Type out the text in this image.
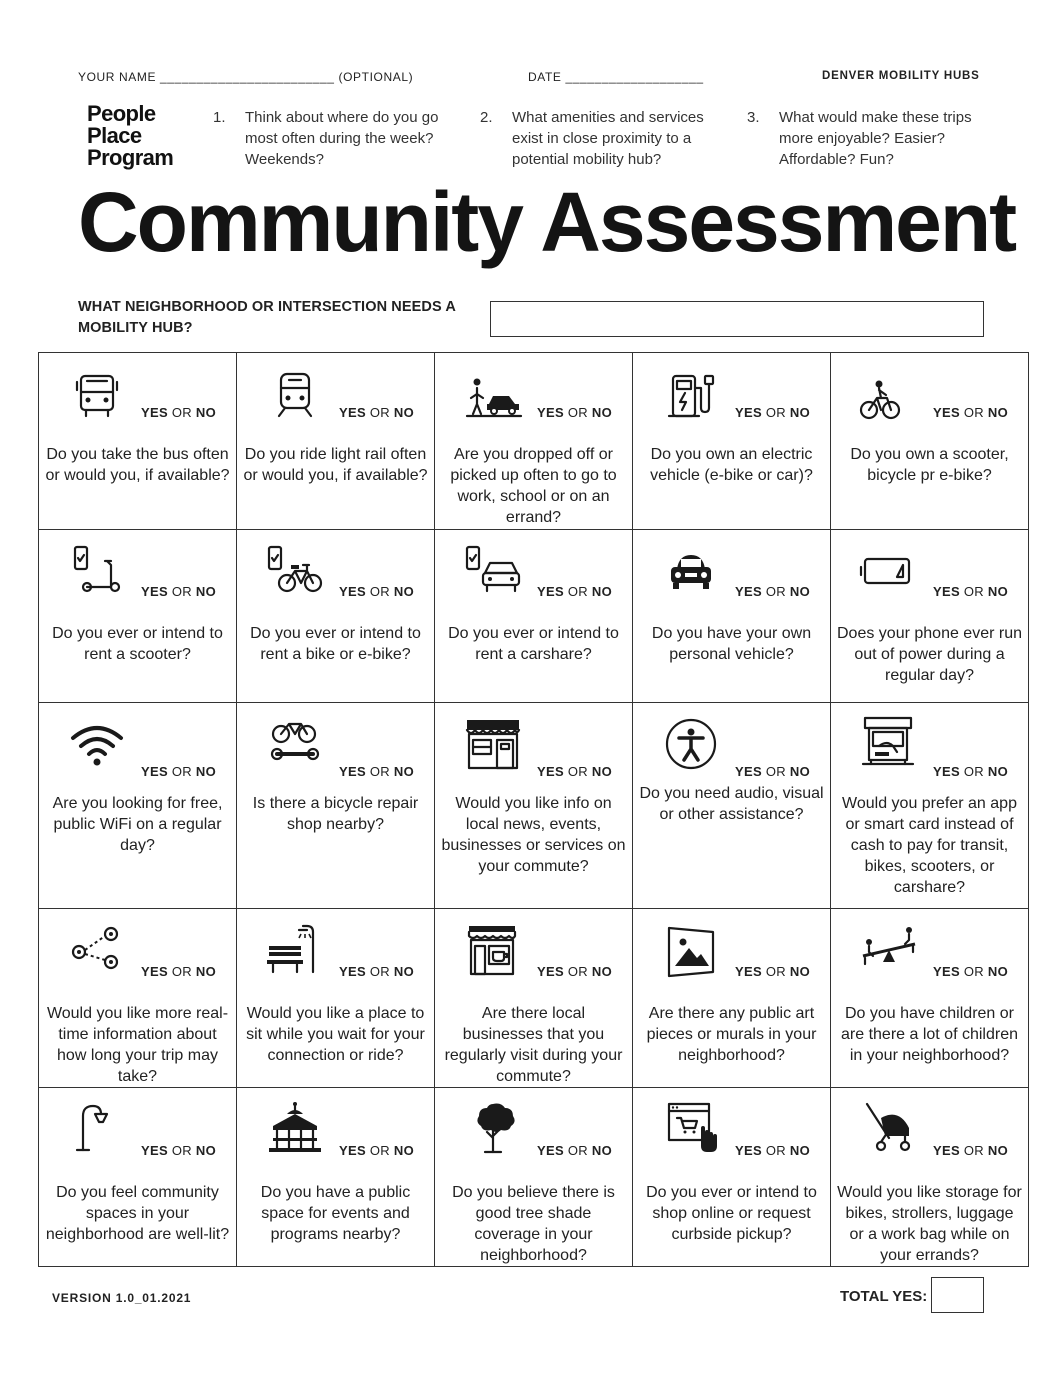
YOUR NAME ________________________ (OPTIONAL)	DATE ___________________	DENVER MOBILITY HUBS
People
Place
Program
1. Think about where do you go most often during the week? Weekends?
2. What amenities and services exist in close proximity to a potential mobility hub?
3. What would make these trips more enjoyable? Easier? Affordable? Fun?
Community Assessment
WHAT NEIGHBORHOOD OR INTERSECTION NEEDS A MOBILITY HUB?
YES OR NO
Do you take the bus often or would you, if available?
YES OR NO
Do you ride light rail often or would you, if available?
YES OR NO
Are you dropped off or picked up often to go to work, school or on an errand?
YES OR NO
Do you own an electric vehicle (e-bike or car)?
YES OR NO
Do you own a scooter, bicycle pr e-bike?
YES OR NO
Do you ever or intend to rent a scooter?
YES OR NO
Do you ever or intend to rent a bike or e-bike?
YES OR NO
Do you ever or intend to rent a carshare?
YES OR NO
Do you have your own personal vehicle?
YES OR NO
Does your phone ever run out of power during a regular day?
YES OR NO
Are you looking for free, public WiFi on a regular day?
YES OR NO
Is there a bicycle repair shop nearby?
YES OR NO
Would you like info on local news, events, businesses or services on your commute?
YES OR NO
Do you need audio, visual or other assistance?
YES OR NO
Would you prefer an app or smart card instead of cash to pay for transit, bikes, scooters, or carshare?
YES OR NO
Would you like more real-time information about how long your trip may take?
YES OR NO
Would you like a place to sit while you wait for your connection or ride?
YES OR NO
Are there local businesses that you regularly visit during your commute?
YES OR NO
Are there any public art pieces or murals in your neighborhood?
YES OR NO
Do you have children or are there a lot of children in your neighborhood?
YES OR NO
Do you feel community spaces in your neighborhood are well-lit?
YES OR NO
Do you have a public space for events and programs nearby?
YES OR NO
Do you believe there is good tree shade coverage in your neighborhood?
YES OR NO
Do you ever or intend to shop online or request curbside pickup?
YES OR NO
Would you like storage for bikes, strollers, luggage or a work bag while on your errands?
VERSION 1.0_01.2021	TOTAL YES:
